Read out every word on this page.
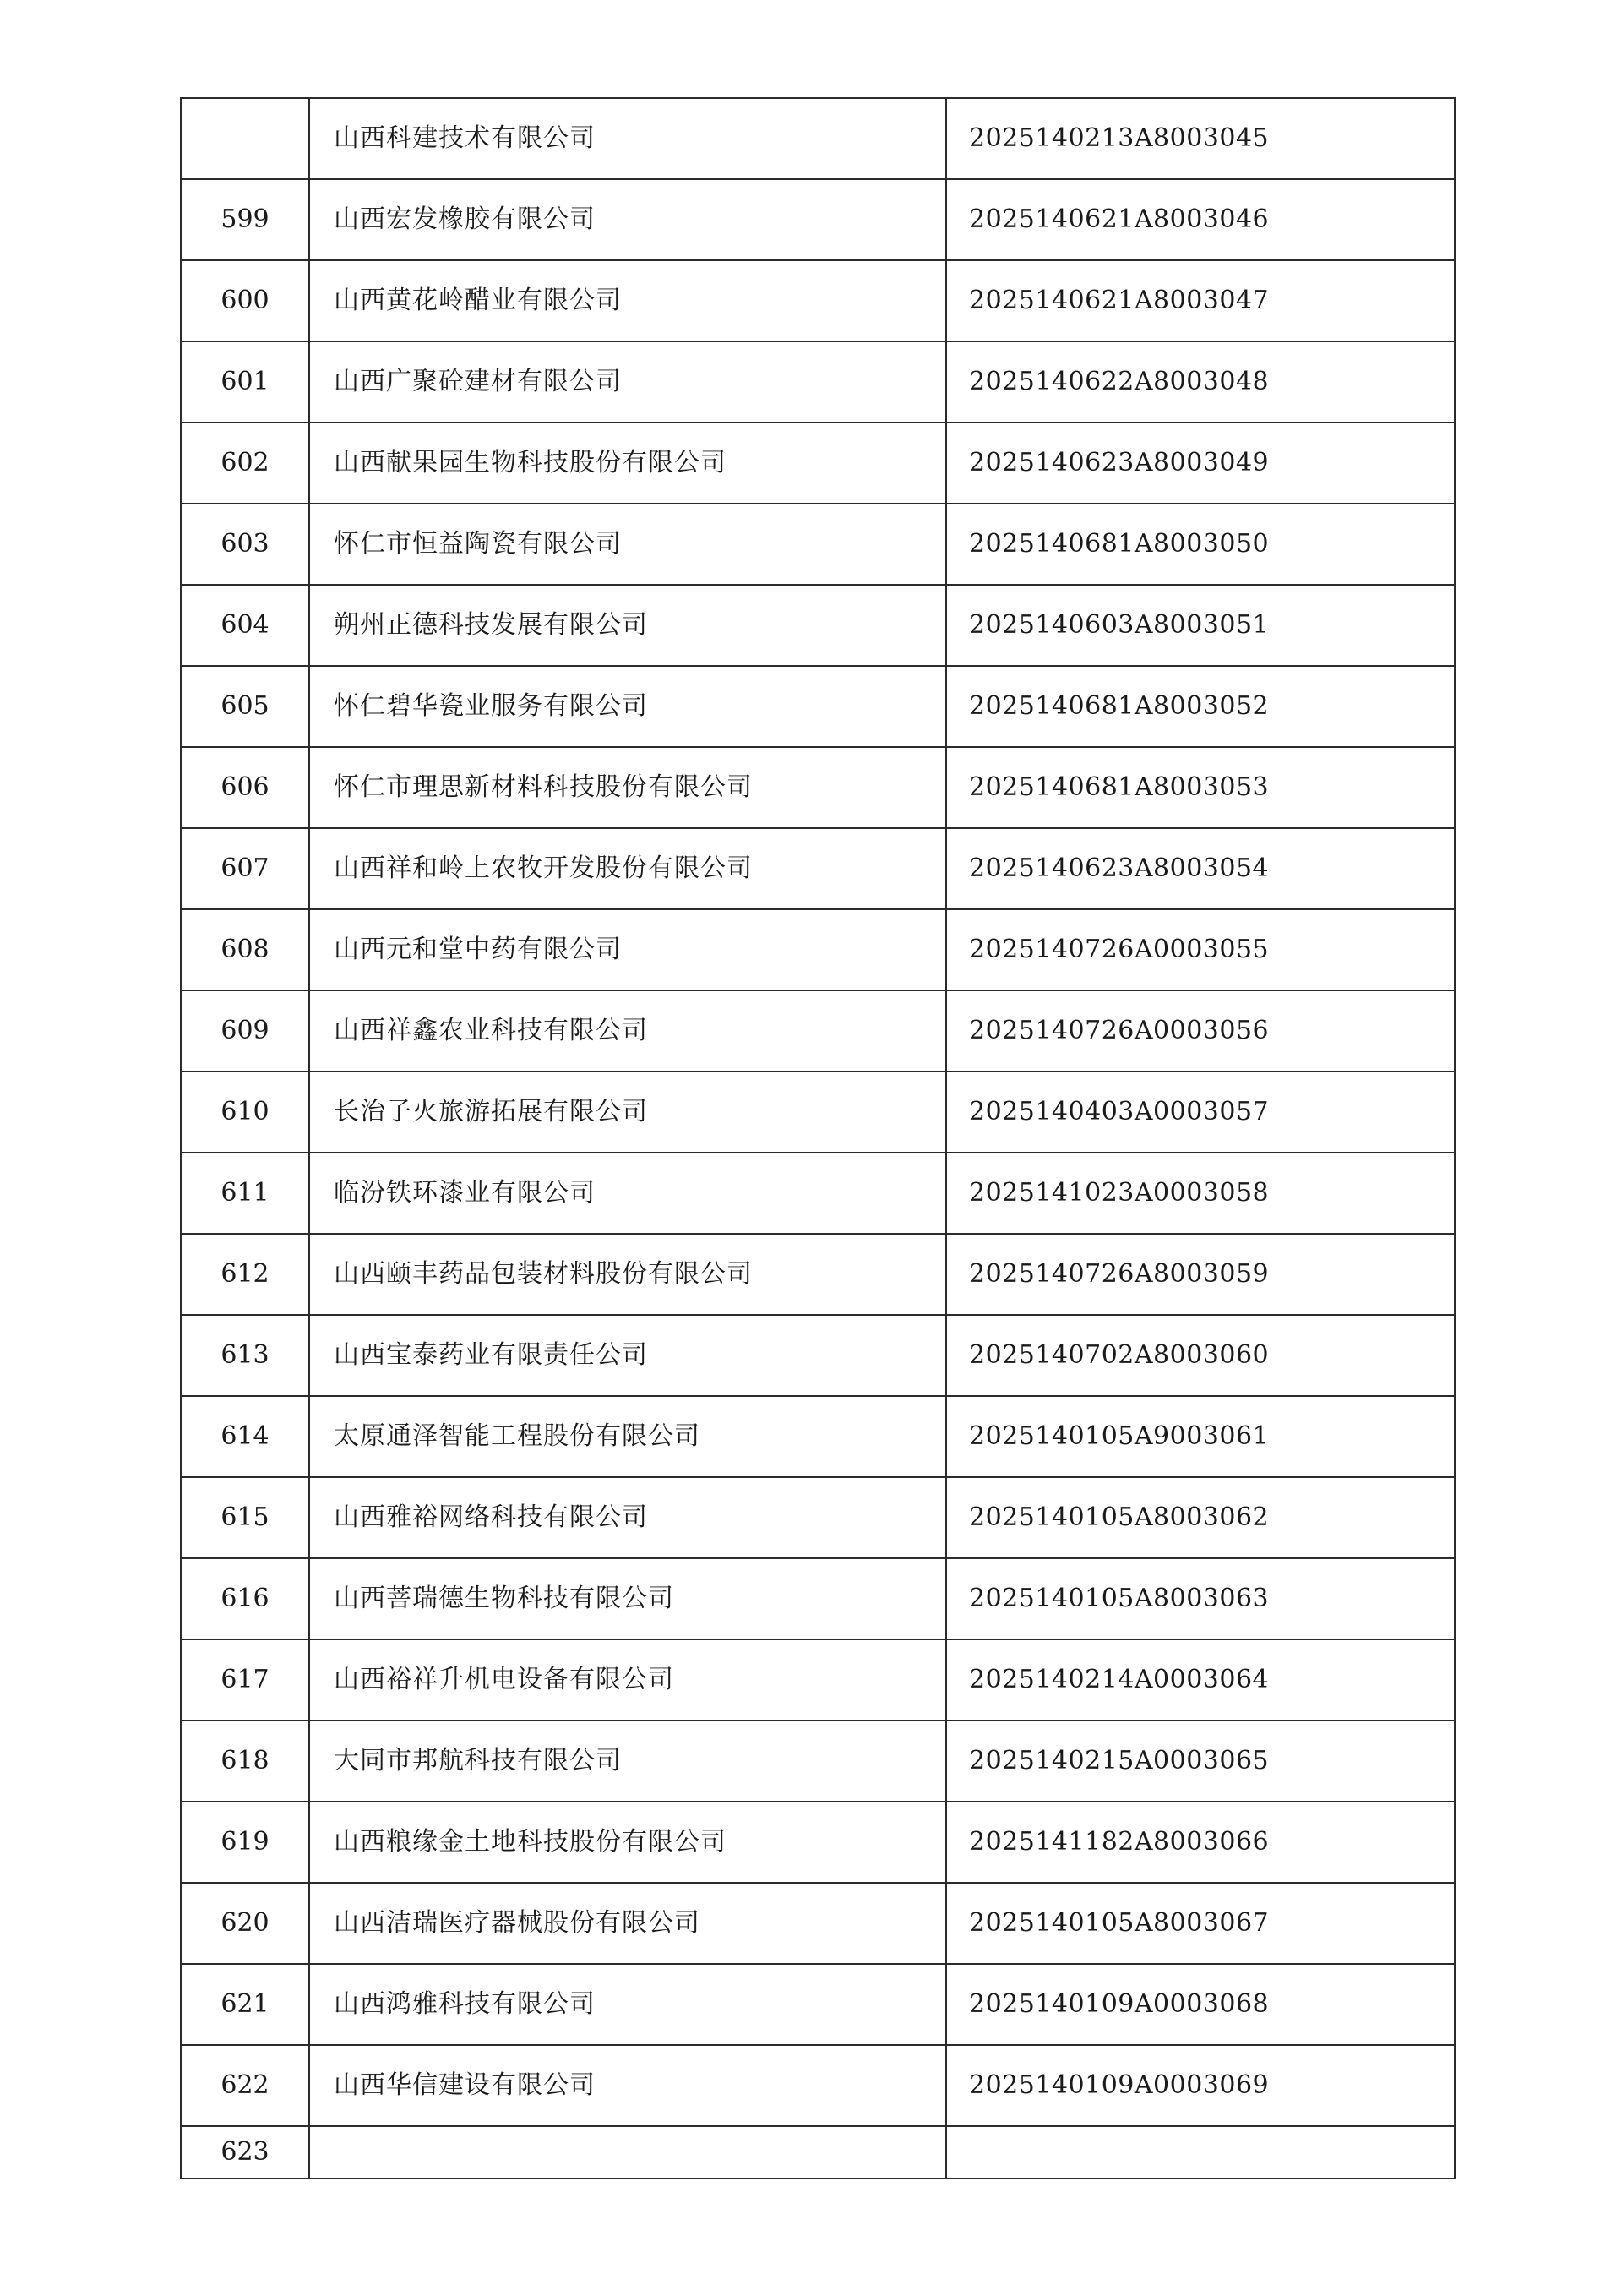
	山西科建技术有限公司	2025140213A8003045
599	山西宏发橡胶有限公司	2025140621A8003046
600	山西黄花岭醋业有限公司	2025140621A8003047
601	山西广聚砼建材有限公司	2025140622A8003048
602	山西献果园生物科技股份有限公司	2025140623A8003049
603	怀仁市恒益陶瓷有限公司	2025140681A8003050
604	朔州正德科技发展有限公司	2025140603A8003051
605	怀仁碧华瓷业服务有限公司	2025140681A8003052
606	怀仁市理思新材料科技股份有限公司	2025140681A8003053
607	山西祥和岭上农牧开发股份有限公司	2025140623A8003054
608	山西元和堂中药有限公司	2025140726A0003055
609	山西祥鑫农业科技有限公司	2025140726A0003056
610	长治子火旅游拓展有限公司	2025140403A0003057
611	临汾铁环漆业有限公司	2025141023A0003058
612	山西颐丰药品包装材料股份有限公司	2025140726A8003059
613	山西宝泰药业有限责任公司	2025140702A8003060
614	太原通泽智能工程股份有限公司	2025140105A9003061
615	山西雅裕网络科技有限公司	2025140105A8003062
616	山西菩瑞德生物科技有限公司	2025140105A8003063
617	山西裕祥升机电设备有限公司	2025140214A0003064
618	大同市邦航科技有限公司	2025140215A0003065
619	山西粮缘金土地科技股份有限公司	2025141182A8003066
620	山西洁瑞医疗器械股份有限公司	2025140105A8003067
621	山西鸿雅科技有限公司	2025140109A0003068
622	山西华信建设有限公司	2025140109A0003069
623		
